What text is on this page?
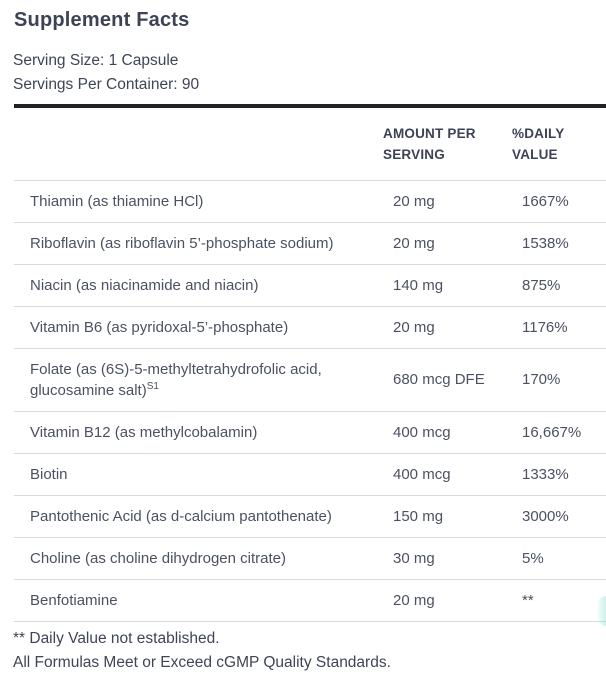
Supplement Facts
Serving Size: 1 Capsule
Servings Per Container: 90
	AMOUNT PER SERVING	%DAILY VALUE
Thiamin (as thiamine HCl)	20 mg	1667%
Riboflavin (as riboflavin 5’-phosphate sodium)	20 mg	1538%
Niacin (as niacinamide and niacin)	140 mg	875%
Vitamin B6 (as pyridoxal-5’-phosphate)	20 mg	1176%
Folate (as (6S)-5-methyltetrahydrofolic acid, glucosamine salt)$^{S1}$	680 mcg DFE	170%
Vitamin B12 (as methylcobalamin)	400 mcg	16,667%
Biotin	400 mcg	1333%
Pantothenic Acid (as d-calcium pantothenate)	150 mg	3000%
Choline (as choline dihydrogen citrate)	30 mg	5%
Benfotiamine	20 mg	**
** Daily Value not established.
All Formulas Meet or Exceed cGMP Quality Standards.
